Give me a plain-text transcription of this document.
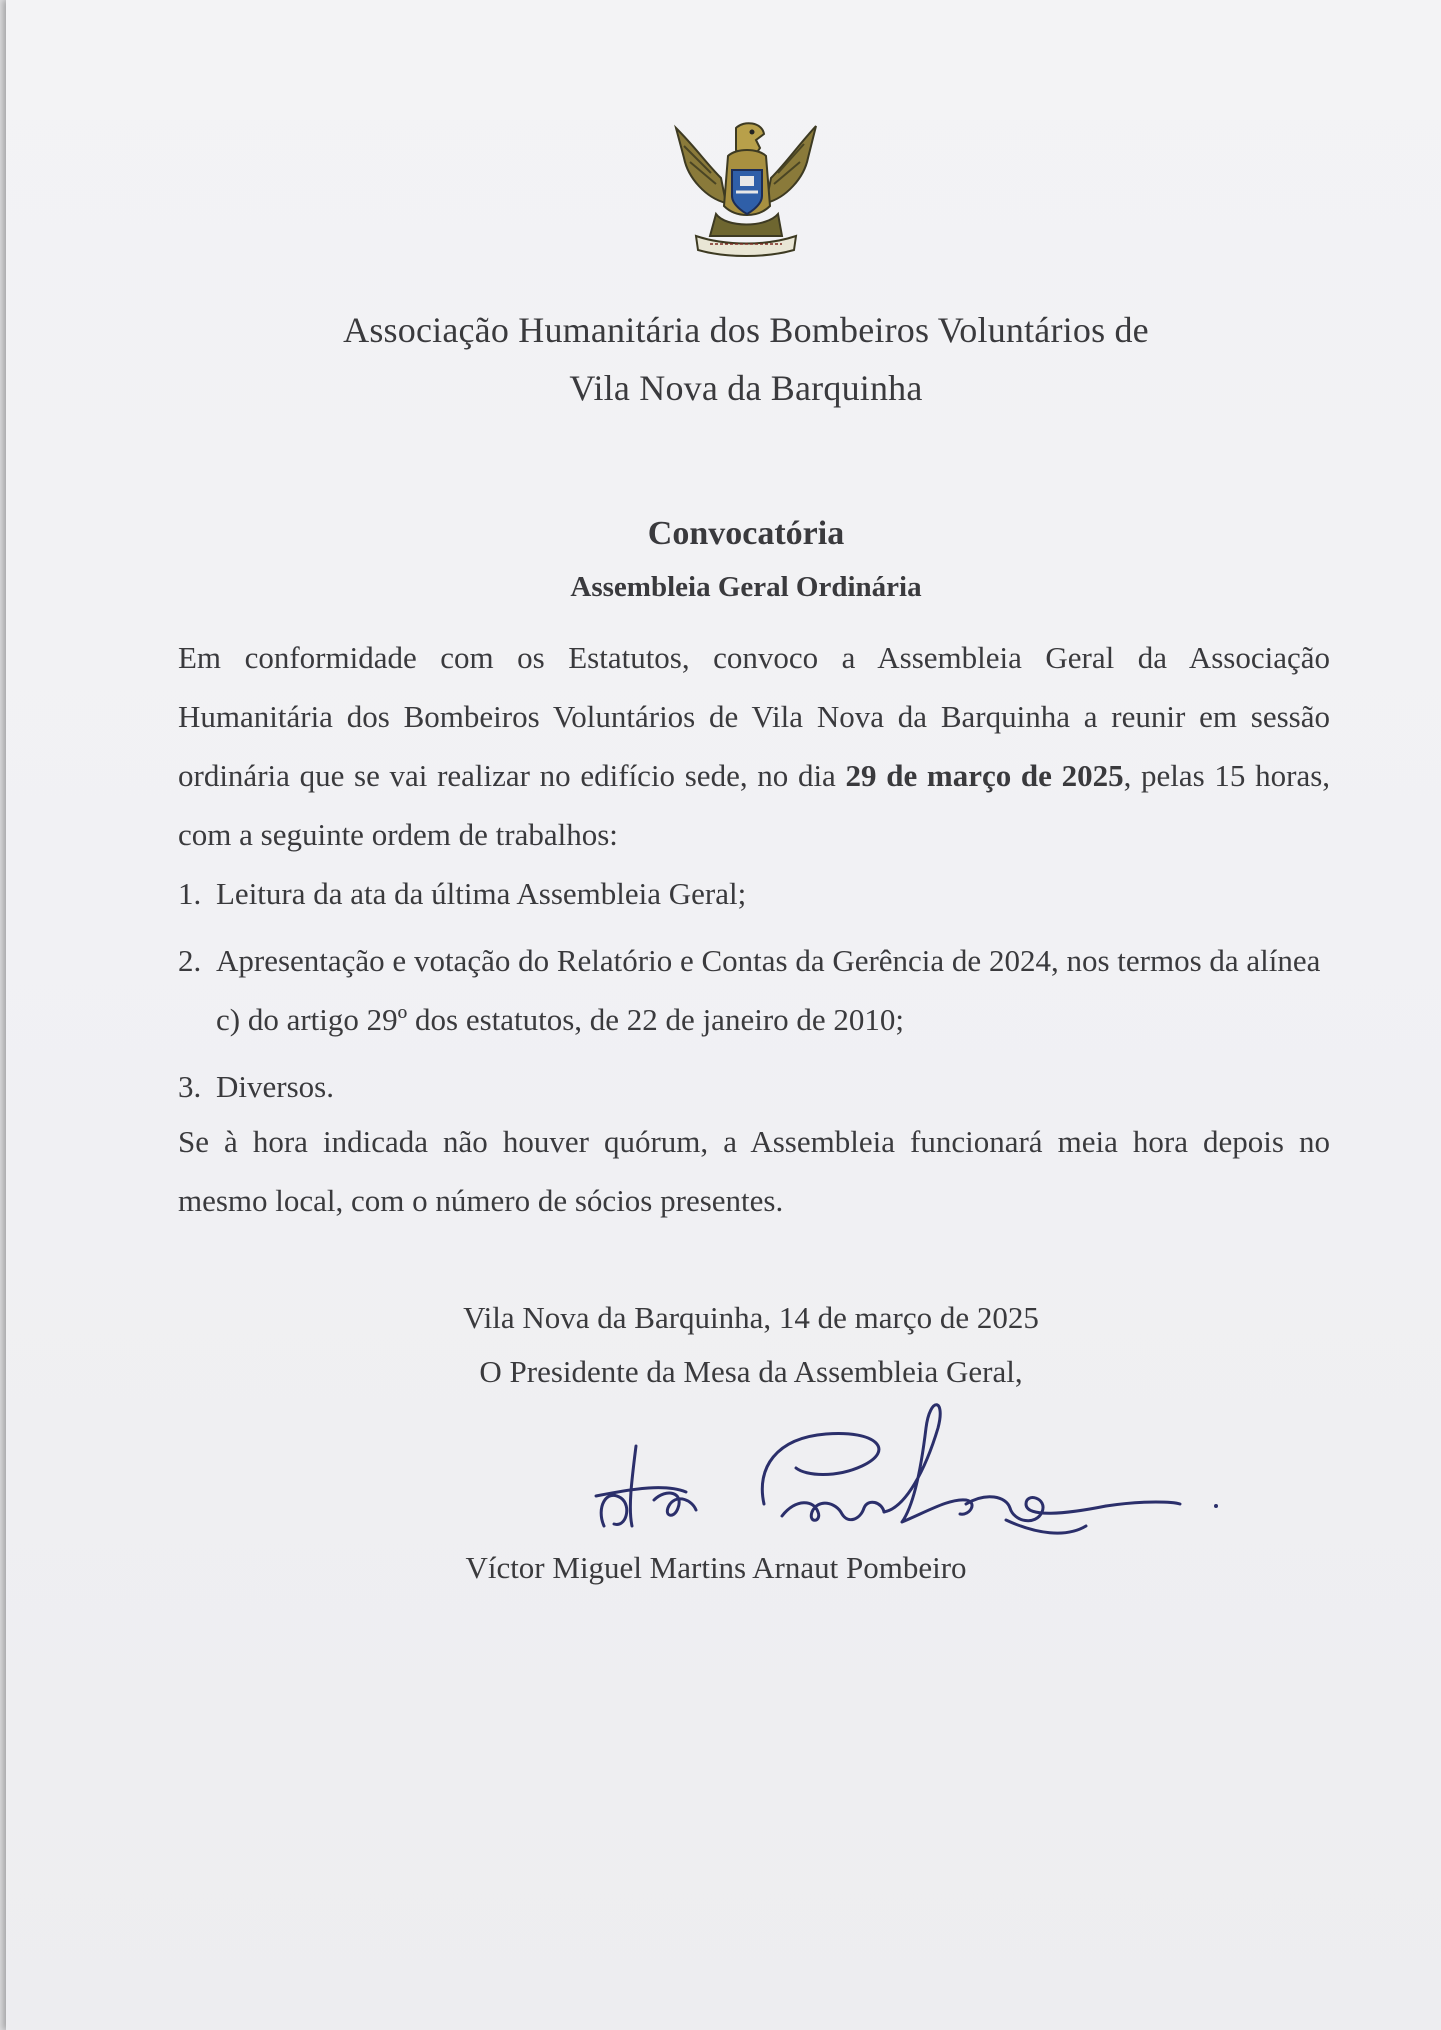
Associação Humanitária dos Bombeiros Voluntários de
Vila Nova da Barquinha
Convocatória
Assembleia Geral Ordinária
Em conformidade com os Estatutos, convoco a Assembleia Geral da Associação Humanitária dos Bombeiros Voluntários de Vila Nova da Barquinha a reunir em sessão ordinária que se vai realizar no edifício sede, no dia 29 de março de 2025, pelas 15 horas, com a seguinte ordem de trabalhos:
1. Leitura da ata da última Assembleia Geral;
2. Apresentação e votação do Relatório e Contas da Gerência de 2024, nos termos da alínea c) do artigo 29º dos estatutos, de 22 de janeiro de 2010;
3. Diversos.
Se à hora indicada não houver quórum, a Assembleia funcionará meia hora depois no mesmo local, com o número de sócios presentes.
Vila Nova da Barquinha, 14 de março de 2025
O Presidente da Mesa da Assembleia Geral,
Víctor Miguel Martins Arnaut Pombeiro
